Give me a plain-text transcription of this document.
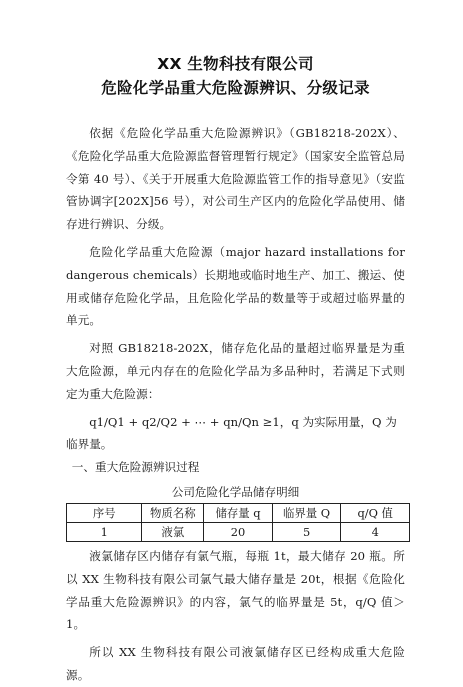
XX 生物科技有限公司
危险化学品重大危险源辨识、分级记录

依据《危险化学品重大危险源辨识》（GB18218-202X）、《危险化学品重大危险源监督管理暂行规定》（国家安全监管总局令第 40 号）、《关于开展重大危险源监管工作的指导意见》（安监管协调字[202X]56 号），对公司生产区内的危险化学品使用、储存进行辨识、分级。

危险化学品重大危险源（major hazard installations for dangerous chemicals）长期地或临时地生产、加工、搬运、使用或储存危险化学品，且危险化学品的数量等于或超过临界量的单元。

对照 GB18218-202X，储存危化品的量超过临界量是为重大危险源，单元内存在的危险化学品为多品种时，若满足下式则定为重大危险源：

q1/Q1 + q2/Q2 + ⋯ + qn/Qn ≥1，q 为实际用量，Q 为临界量。
一、重大危险源辨识过程
公司危险化学品储存明细
序号	物质名称	储存量 q	临界量 Q	q/Q 值
1	液氯	20	5	4

液氯储存区内储存有氯气瓶，每瓶 1t，最大储存 20 瓶。所以 XX 生物科技有限公司氯气最大储存量是 20t，根据《危险化学品重大危险源辨识》的内容，氯气的临界量是 5t，q/Q 值＞1。

所以 XX 生物科技有限公司液氯储存区已经构成重大危险源。
